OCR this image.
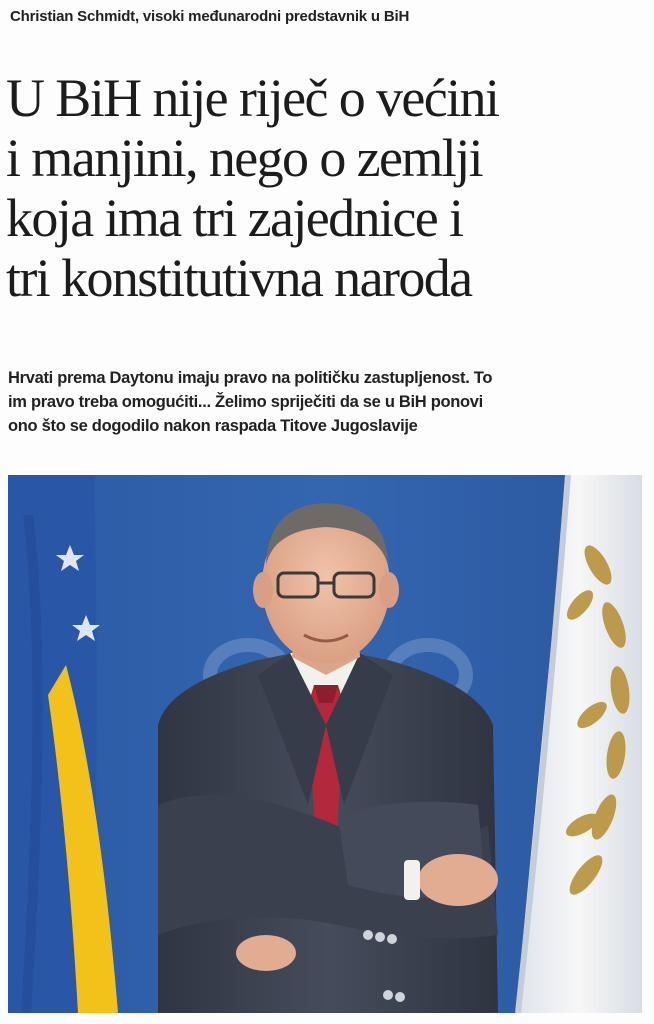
Christian Schmidt, visoki međunarodni predstavnik u BiH
U BiH nije riječ o većini
i manjini, nego o zemlji
koja ima tri zajednice i
tri konstitutivna naroda

Hrvati prema Daytonu imaju pravo na političku zastupljenost. To
im pravo treba omogućiti... Želimo spriječiti da se u BiH ponovi
ono što se dogodilo nakon raspada Titove Jugoslavije
